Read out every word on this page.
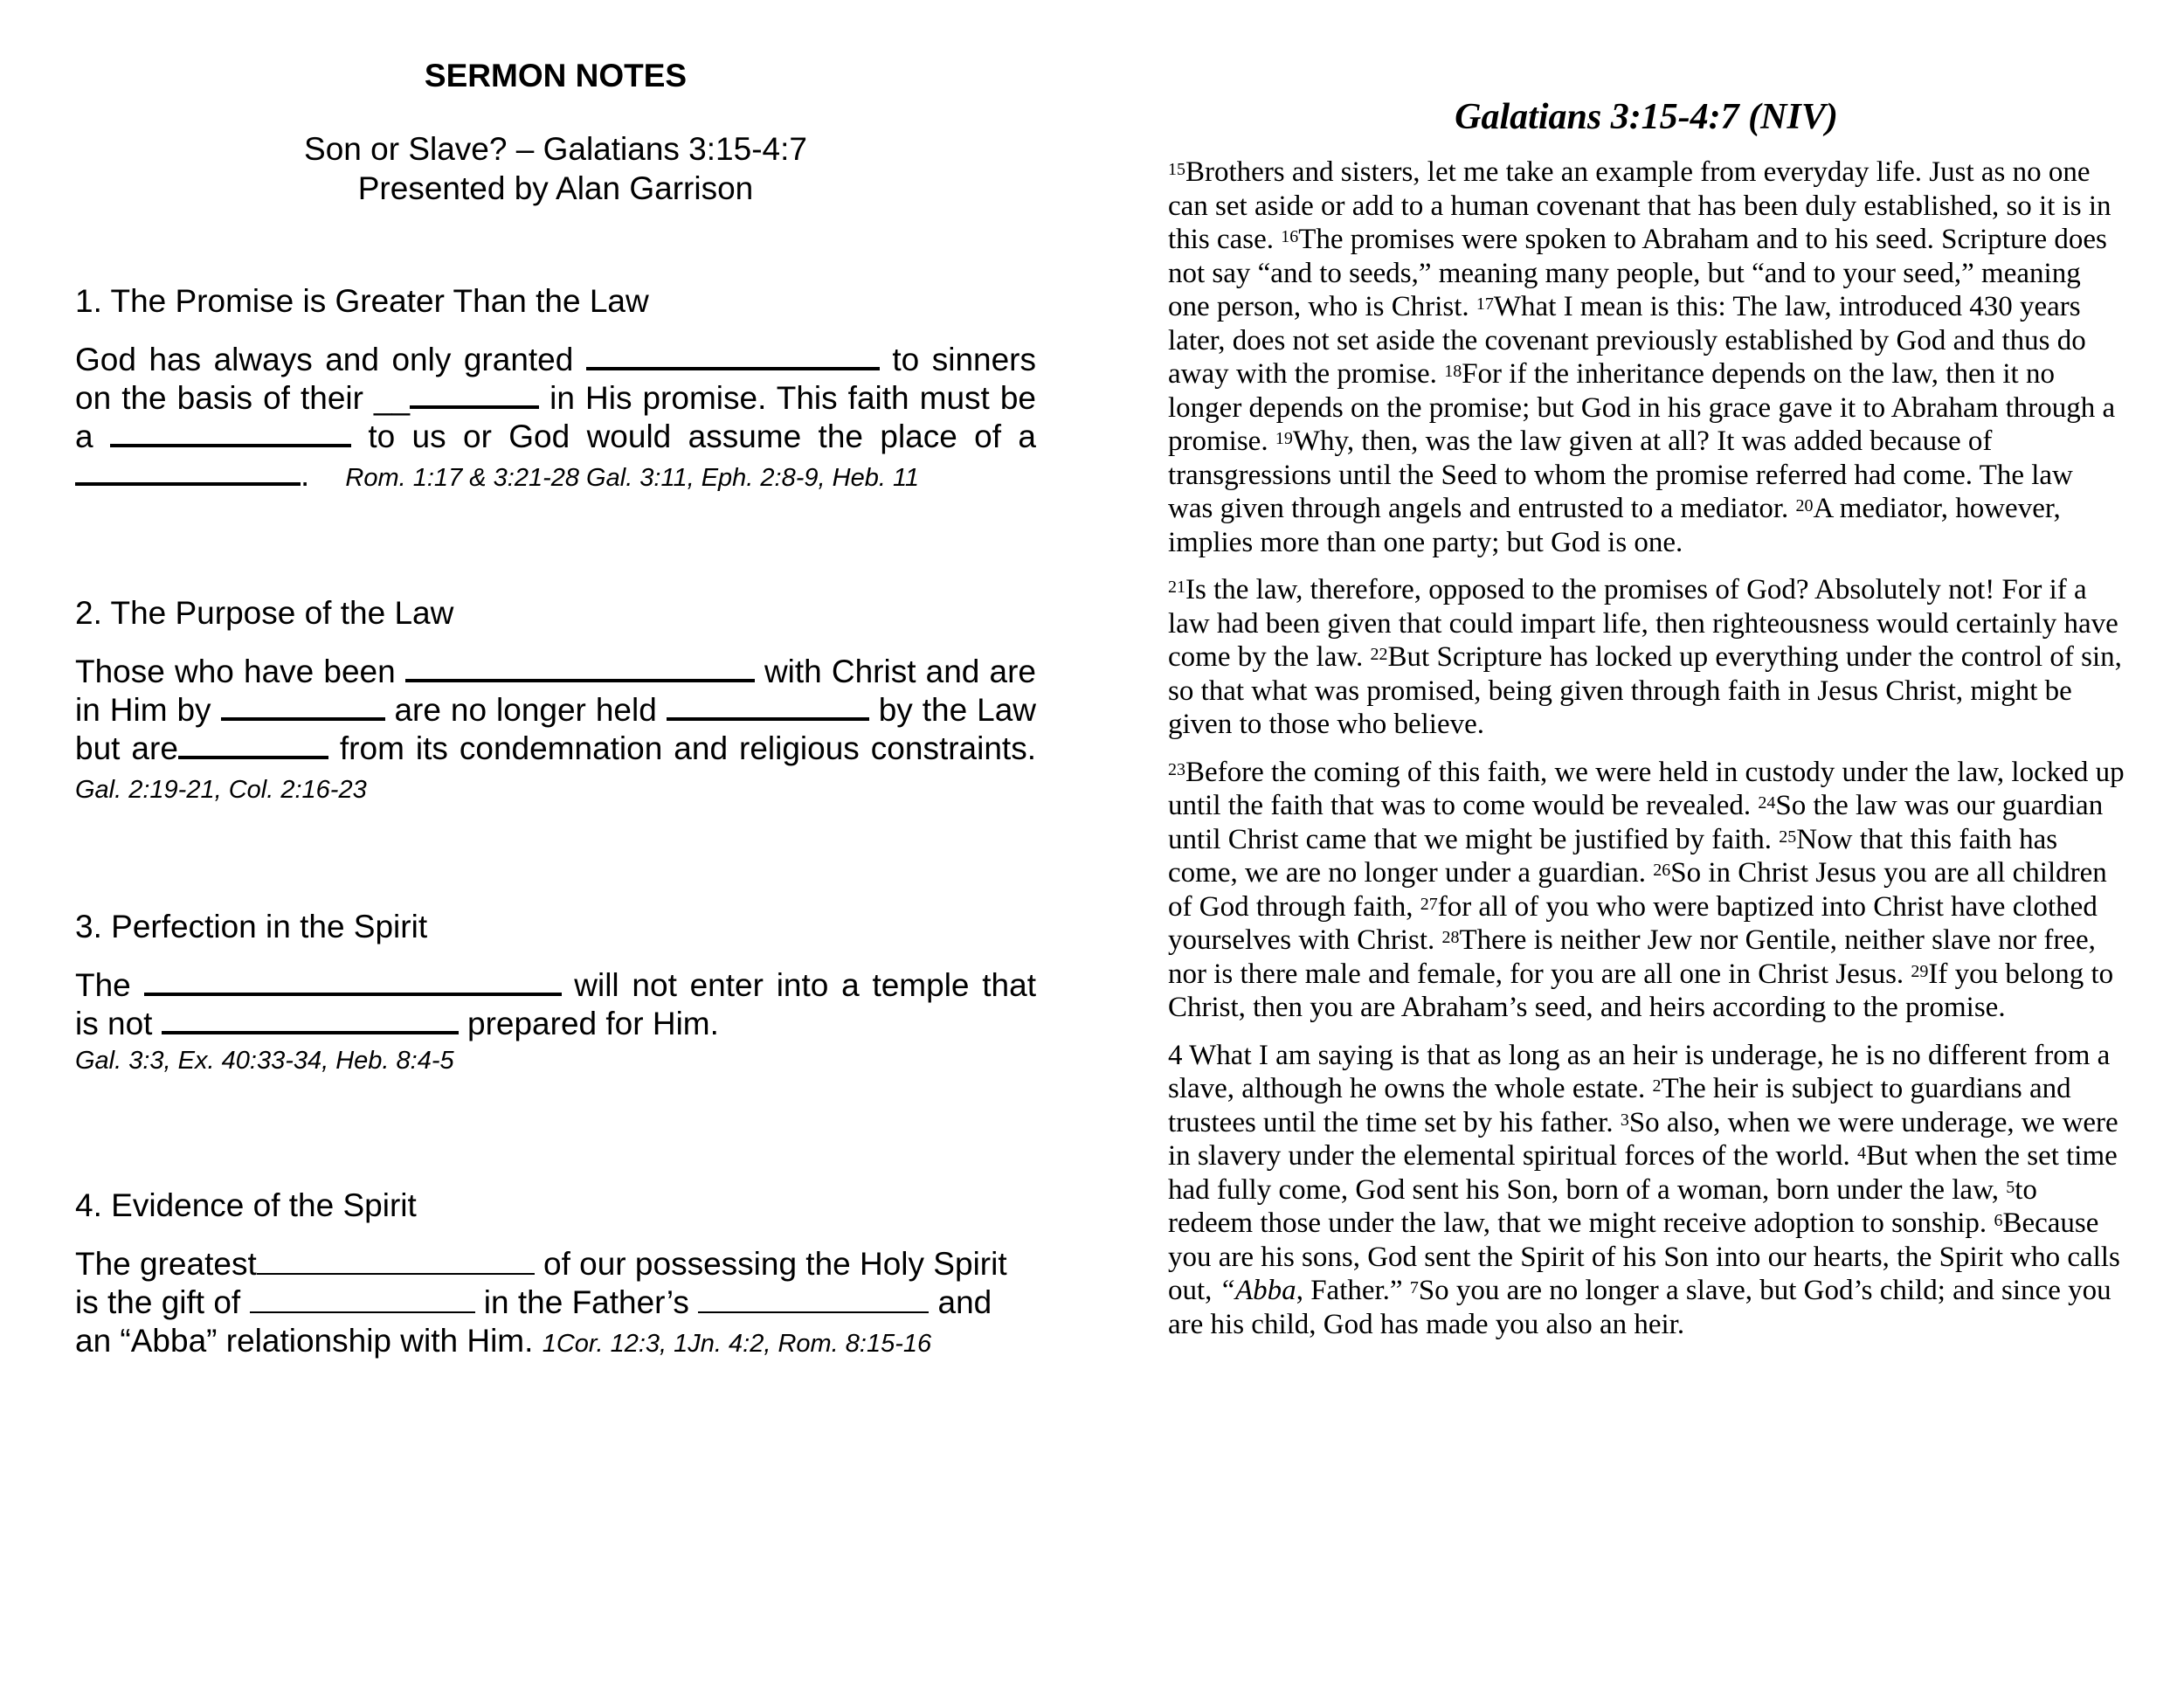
SERMON NOTES
Son or Slave? – Galatians 3:15-4:7
Presented by Alan Garrison
1. The Promise is Greater Than the Law
God has always and only granted	to sinners on the basis of their __	in His promise. This faith must be a	to us or God would assume the place of a . Rom. 1:17 & 3:21-28 Gal. 3:11, Eph. 2:8-9, Heb. 11
2. The Purpose of the Law
Those who have been	with Christ and are in Him by	are no longer held	by the Law but are	from its condemnation and religious constraints. Gal. 2:19-21, Col. 2:16-23
3. Perfection in the Spirit
The	will not enter into a temple that is not	prepared for Him.
Gal. 3:3, Ex. 40:33-34, Heb. 8:4-5
4. Evidence of the Spirit
The greatest	of our possessing the Holy Spirit is the gift of	in the Father’s	and an “Abba” relationship with Him. 1Cor. 12:3, 1Jn. 4:2, Rom. 8:15-16
Galatians 3:15-4:7 (NIV)

$^{15}$Brothers and sisters, let me take an example from everyday life. Just as no one can set aside or add to a human covenant that has been duly established, so it is in this case. $^{16}$The promises were spoken to Abraham and to his seed. Scripture does not say “and to seeds,” meaning many people, but “and to your seed,” meaning one person, who is Christ. $^{17}$What I mean is this: The law, introduced 430 years later, does not set aside the covenant previously established by God and thus do away with the promise. $^{18}$For if the inheritance depends on the law, then it no longer depends on the promise; but God in his grace gave it to Abraham through a promise. $^{19}$Why, then, was the law given at all? It was added because of transgressions until the Seed to whom the promise referred had come. The law was given through angels and entrusted to a mediator. $^{20}$A mediator, however, implies more than one party; but God is one.

$^{21}$Is the law, therefore, opposed to the promises of God? Absolutely not! For if a law had been given that could impart life, then righteousness would certainly have come by the law. $^{22}$But Scripture has locked up everything under the control of sin, so that what was promised, being given through faith in Jesus Christ, might be given to those who believe.

$^{23}$Before the coming of this faith, we were held in custody under the law, locked up until the faith that was to come would be revealed. $^{24}$So the law was our guardian until Christ came that we might be justified by faith. $^{25}$Now that this faith has come, we are no longer under a guardian. $^{26}$So in Christ Jesus you are all children of God through faith, $^{27}$for all of you who were baptized into Christ have clothed yourselves with Christ. $^{28}$There is neither Jew nor Gentile, neither slave nor free, nor is there male and female, for you are all one in Christ Jesus. $^{29}$If you belong to Christ, then you are Abraham’s seed, and heirs according to the promise.

4 What I am saying is that as long as an heir is underage, he is no different from a slave, although he owns the whole estate. $^2$The heir is subject to guardians and trustees until the time set by his father. $^3$So also, when we were underage, we were in slavery under the elemental spiritual forces of the world. $^4$But when the set time had fully come, God sent his Son, born of a woman, born under the law, $^5$to redeem those under the law, that we might receive adoption to sonship. $^6$Because you are his sons, God sent the Spirit of his Son into our hearts, the Spirit who calls out, “Abba, Father.” $^7$So you are no longer a slave, but God’s child; and since you are his child, God has made you also an heir.
